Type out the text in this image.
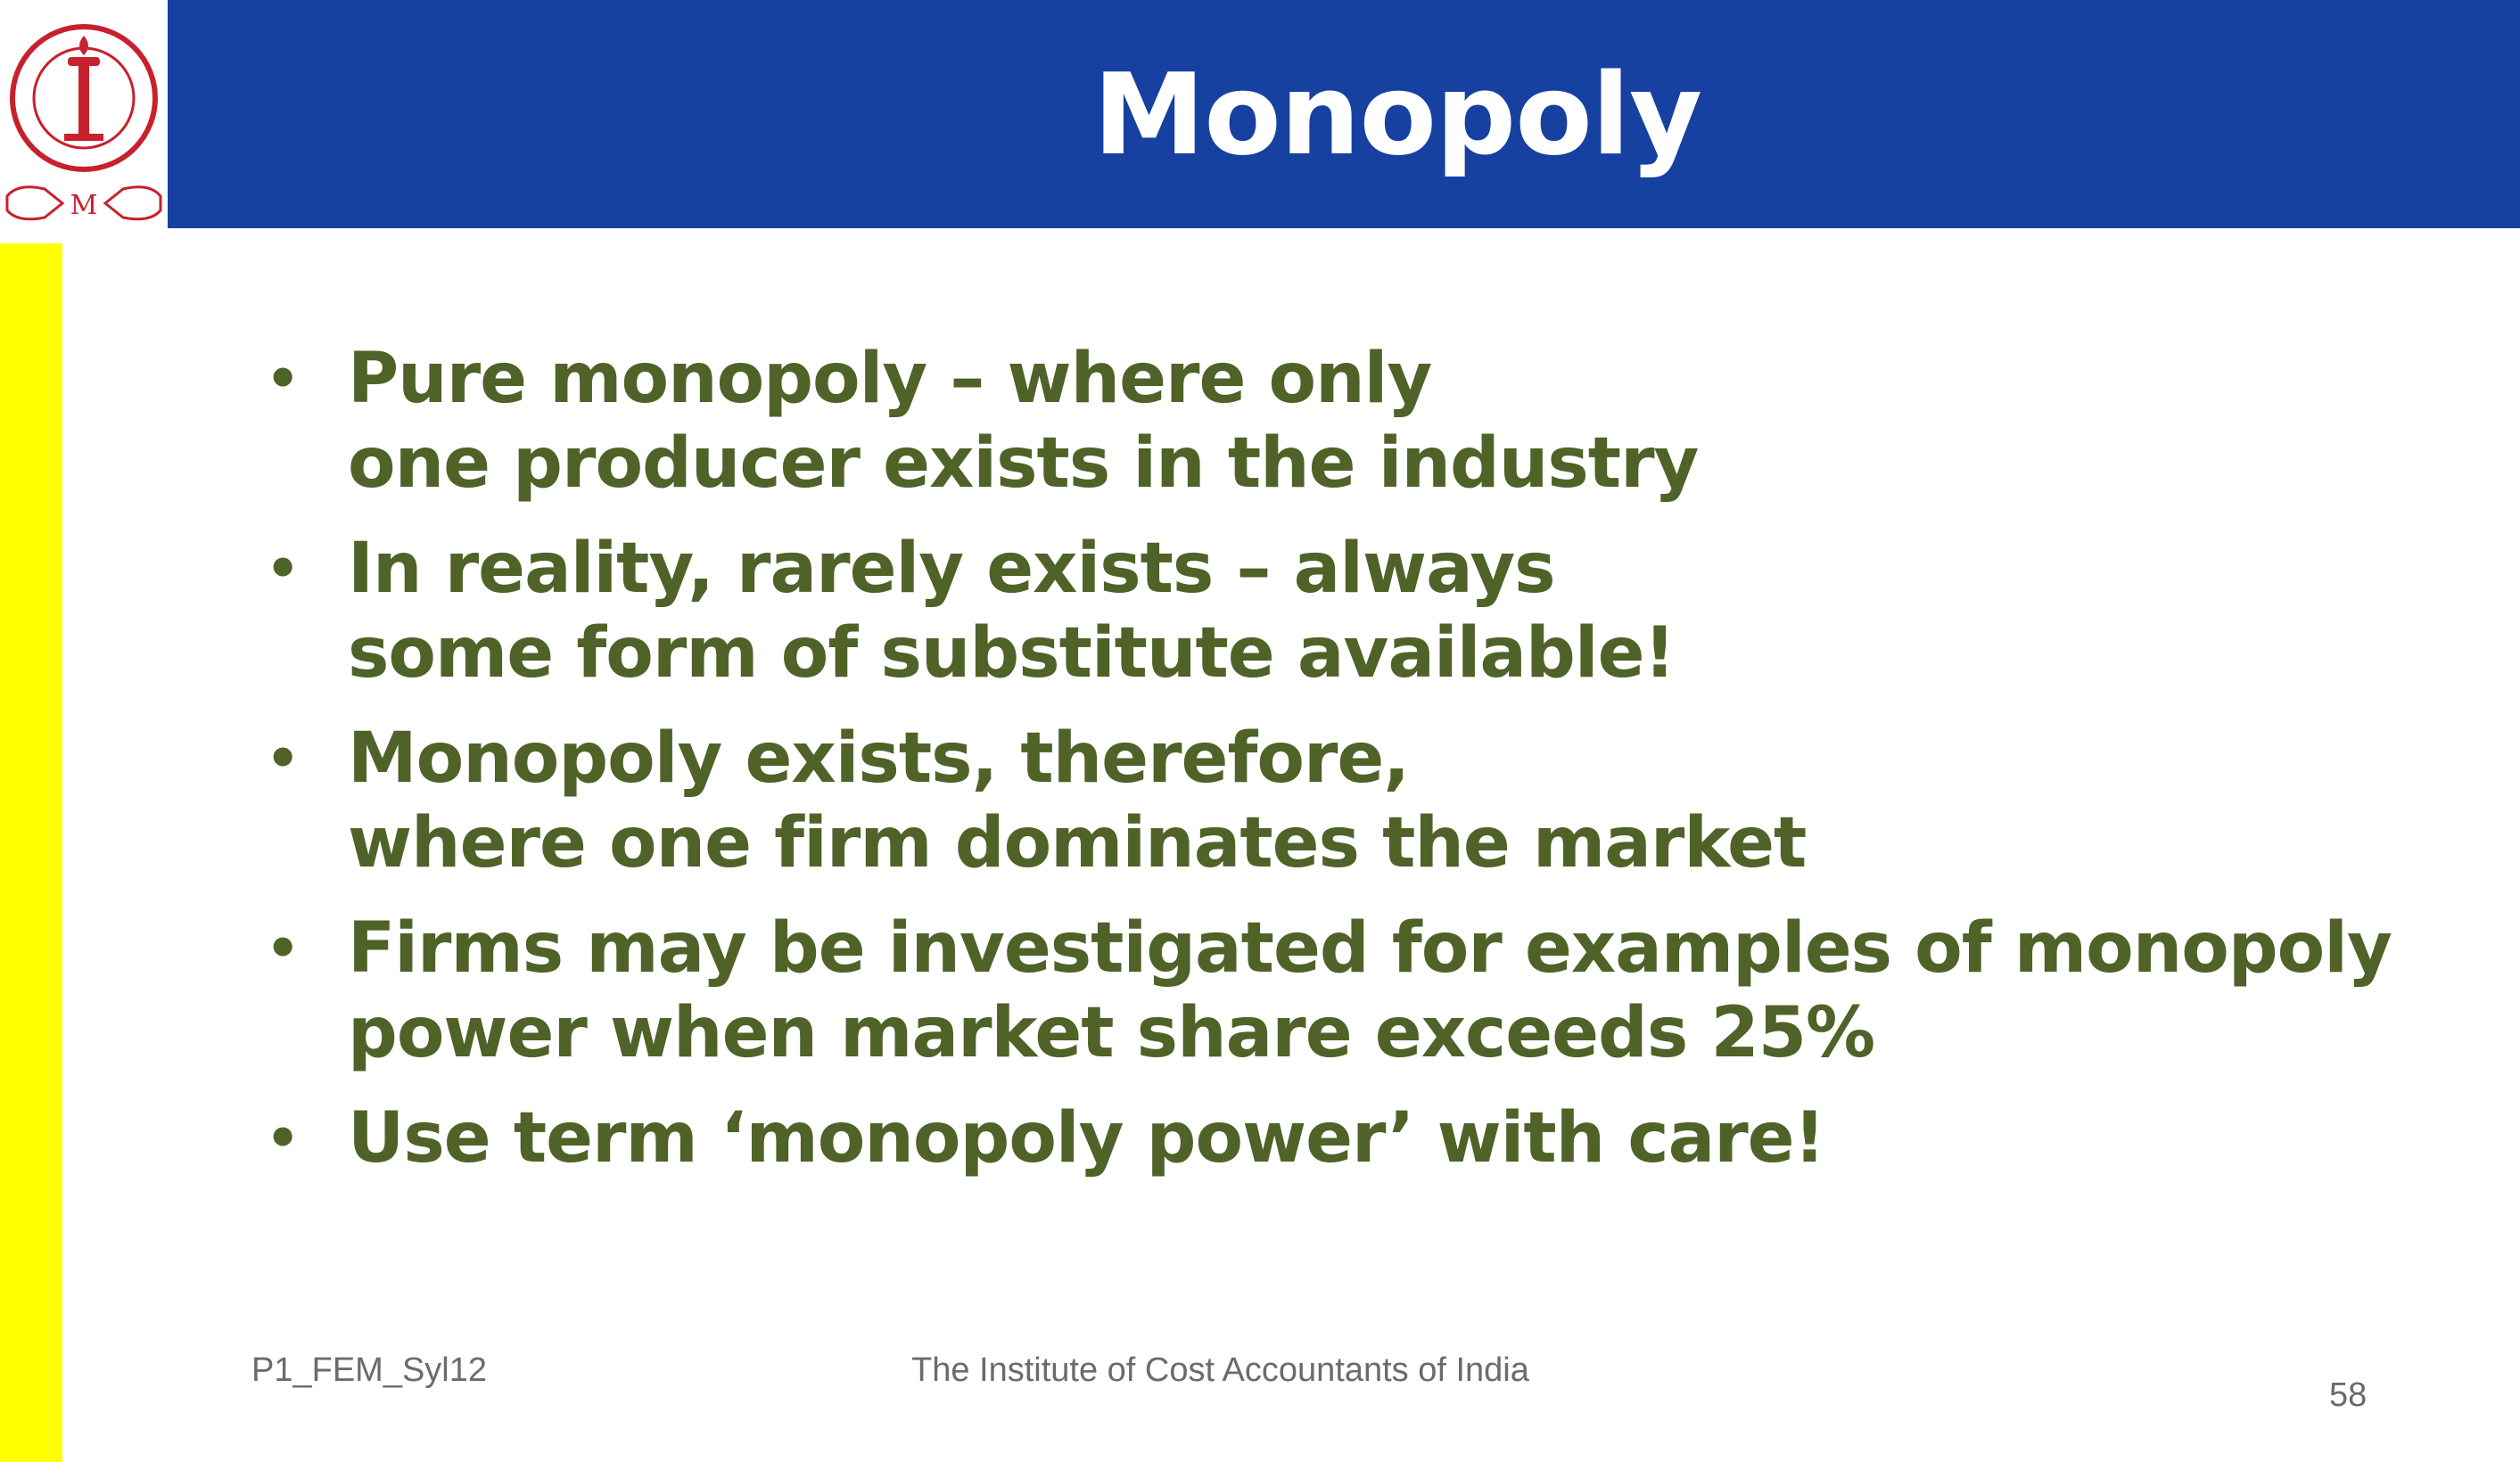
M
Monopoly
• Pure monopoly – where only
one producer exists in the industry
• In reality, rarely exists – always
some form of substitute available!
• Monopoly exists, therefore,
where one firm dominates the market
• Firms may be investigated for examples of monopoly
power when market share exceeds 25%
• Use term ‘monopoly power’ with care!
P1_FEM_Syl12	The Institute of Cost Accountants of India
58
